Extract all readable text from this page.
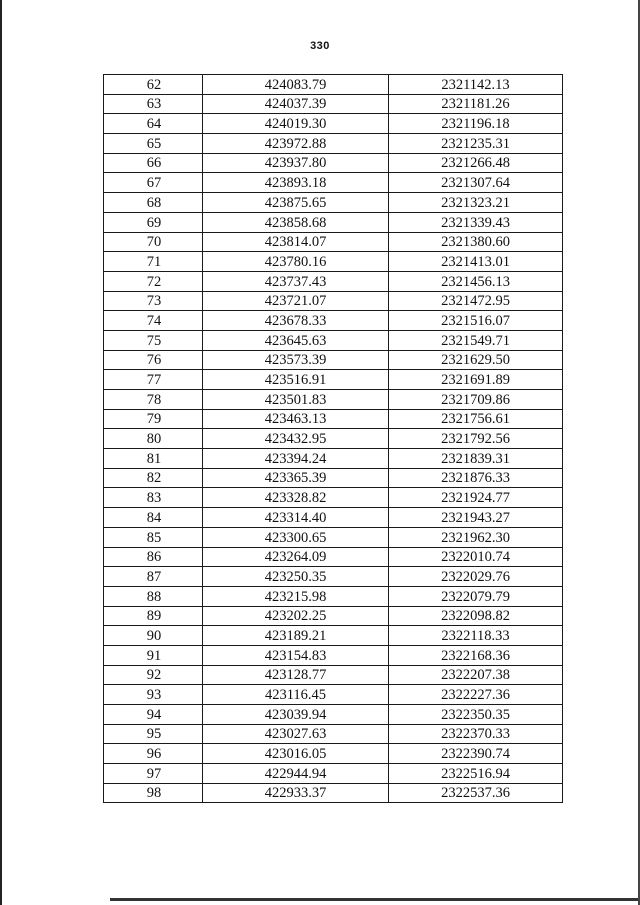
330
62	424083.79	2321142.13
63	424037.39	2321181.26
64	424019.30	2321196.18
65	423972.88	2321235.31
66	423937.80	2321266.48
67	423893.18	2321307.64
68	423875.65	2321323.21
69	423858.68	2321339.43
70	423814.07	2321380.60
71	423780.16	2321413.01
72	423737.43	2321456.13
73	423721.07	2321472.95
74	423678.33	2321516.07
75	423645.63	2321549.71
76	423573.39	2321629.50
77	423516.91	2321691.89
78	423501.83	2321709.86
79	423463.13	2321756.61
80	423432.95	2321792.56
81	423394.24	2321839.31
82	423365.39	2321876.33
83	423328.82	2321924.77
84	423314.40	2321943.27
85	423300.65	2321962.30
86	423264.09	2322010.74
87	423250.35	2322029.76
88	423215.98	2322079.79
89	423202.25	2322098.82
90	423189.21	2322118.33
91	423154.83	2322168.36
92	423128.77	2322207.38
93	423116.45	2322227.36
94	423039.94	2322350.35
95	423027.63	2322370.33
96	423016.05	2322390.74
97	422944.94	2322516.94
98	422933.37	2322537.36
